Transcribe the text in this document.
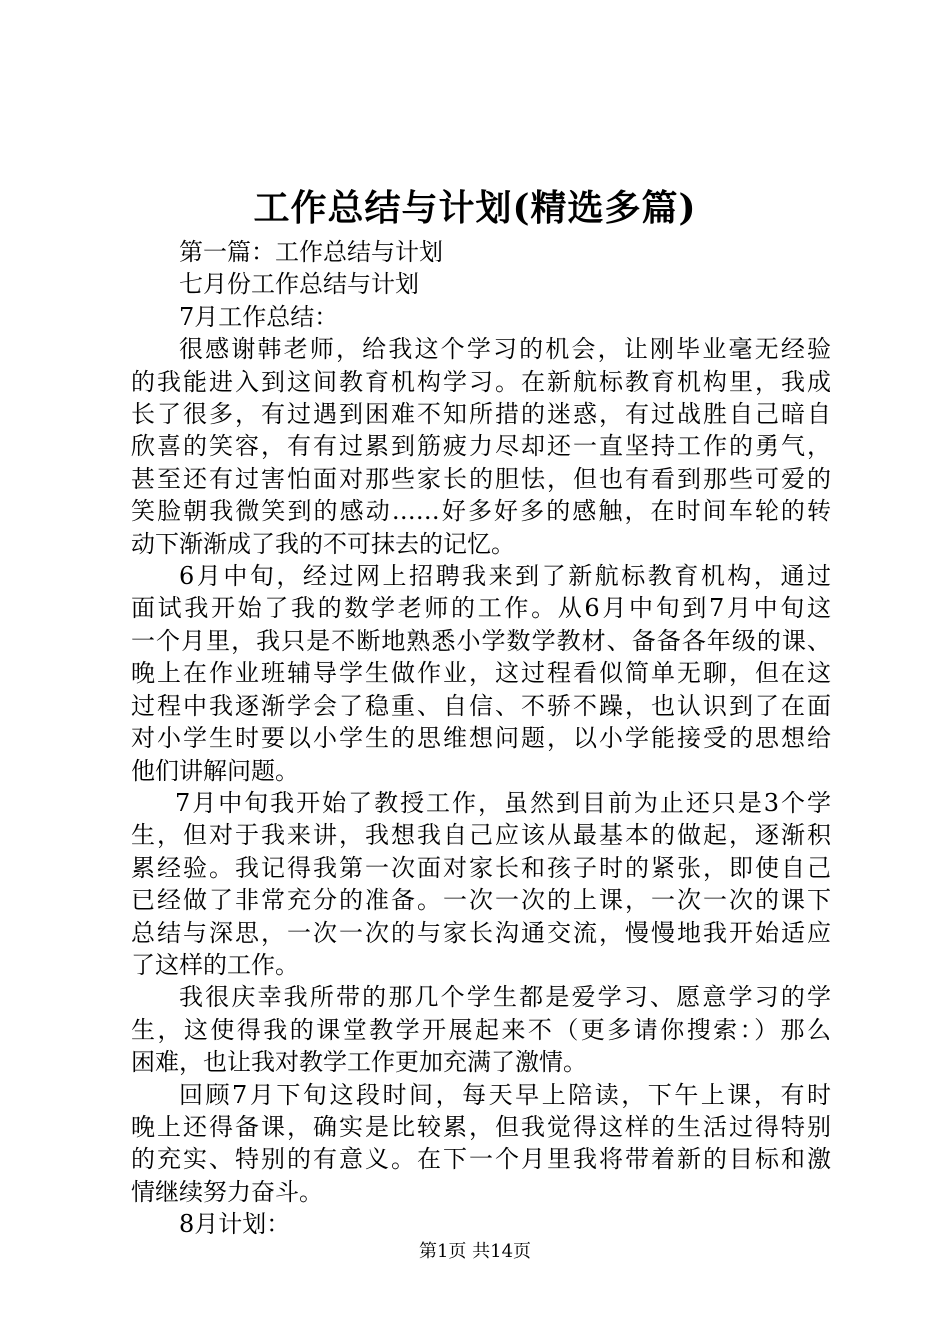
工作总结与计划(精选多篇)
第一篇：工作总结与计划
七月份工作总结与计划
7月工作总结：
很感谢韩老师，给我这个学习的机会，让刚毕业毫无经验
的我能进入到这间教育机构学习。在新航标教育机构里，我成
长了很多，有过遇到困难不知所措的迷惑，有过战胜自己暗自
欣喜的笑容，有有过累到筋疲力尽却还一直坚持工作的勇气，
甚至还有过害怕面对那些家长的胆怯，但也有看到那些可爱的
笑脸朝我微笑到的感动……好多好多的感触，在时间车轮的转
动下渐渐成了我的不可抹去的记忆。
6月中旬，经过网上招聘我来到了新航标教育机构，通过
面试我开始了我的数学老师的工作。从6月中旬到7月中旬这
一个月里，我只是不断地熟悉小学数学教材、备备各年级的课、
晚上在作业班辅导学生做作业，这过程看似简单无聊，但在这
过程中我逐渐学会了稳重、自信、不骄不躁，也认识到了在面
对小学生时要以小学生的思维想问题，以小学能接受的思想给
他们讲解问题。
7月中旬我开始了教授工作，虽然到目前为止还只是3个学
生，但对于我来讲，我想我自己应该从最基本的做起，逐渐积
累经验。我记得我第一次面对家长和孩子时的紧张，即使自己
已经做了非常充分的准备。一次一次的上课，一次一次的课下
总结与深思，一次一次的与家长沟通交流，慢慢地我开始适应
了这样的工作。
我很庆幸我所带的那几个学生都是爱学习、愿意学习的学
生，这使得我的课堂教学开展起来不（更多请你搜索：）那么
困难，也让我对教学工作更加充满了激情。
回顾7月下旬这段时间，每天早上陪读，下午上课，有时
晚上还得备课，确实是比较累，但我觉得这样的生活过得特别
的充实、特别的有意义。在下一个月里我将带着新的目标和激
情继续努力奋斗。
8月计划：
第1页 共14页
